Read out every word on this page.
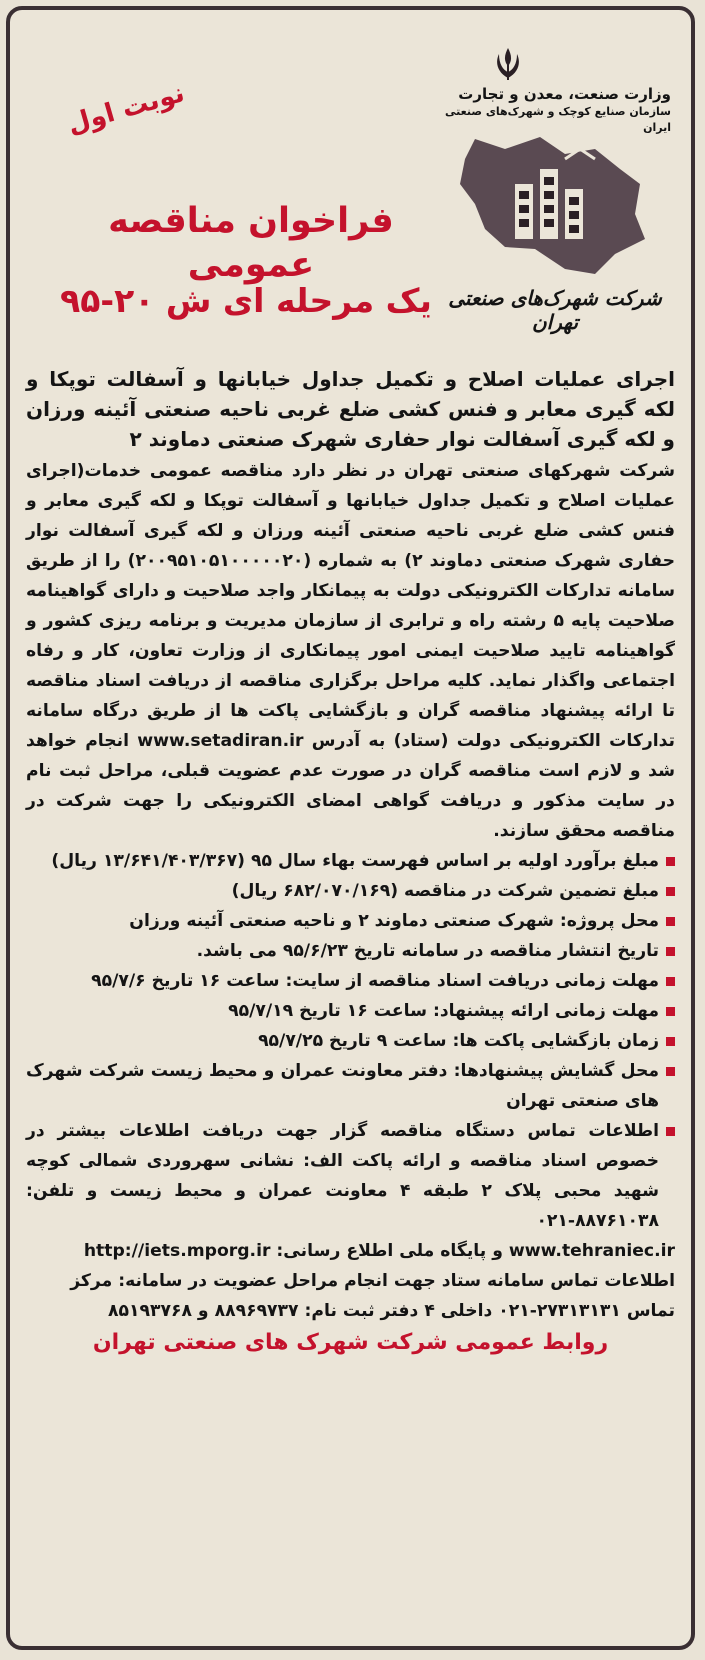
وزارت صنعت، معدن و تجارت
سازمان صنایع کوچک و شهرک‌های صنعتی ایران
شرکت شهرک‌های صنعتی تهران
نوبت اول
فراخوان مناقصه عمومی
یک مرحله ای ش ۲۰-۹۵
اجرای عملیات اصلاح و تکمیل جداول خیابانها و آسفالت توپکا و لکه گیری معابر و فنس کشی ضلع غربی ناحیه صنعتی آئینه ورزان و لکه گیری آسفالت نوار حفاری شهرک صنعتی دماوند ۲
شرکت شهرکهای صنعتی تهران در نظر دارد مناقصه عمومی خدمات(اجرای عملیات اصلاح و تکمیل جداول خیابانها و آسفالت توپکا و لکه گیری معابر و فنس کشی ضلع غربی ناحیه صنعتی آئینه ورزان و لکه گیری آسفالت نوار حفاری شهرک صنعتی دماوند ۲) به شماره (۲۰۰۹۵۱۰۵۱۰۰۰۰۰۲۰) را از طریق سامانه تدارکات الکترونیکی دولت به پیمانکار واجد صلاحیت و دارای گواهینامه صلاحیت پایه ۵ رشته راه و ترابری از سازمان مدیریت و برنامه ریزی کشور و گواهینامه تایید صلاحیت ایمنی امور پیمانکاری از وزارت تعاون، کار و رفاه اجتماعی واگذار نماید. کلیه مراحل برگزاری مناقصه از دریافت اسناد مناقصه تا ارائه پیشنهاد مناقصه گران و بازگشایی پاکت ها از طریق درگاه سامانه تدارکات الکترونیکی دولت (ستاد) به آدرس www.setadiran.ir انجام خواهد شد و لازم است مناقصه گران در صورت عدم عضویت قبلی، مراحل ثبت نام در سایت مذکور و دریافت گواهی امضای الکترونیکی را جهت شرکت در مناقصه محقق سازند.
مبلغ برآورد اولیه بر اساس فهرست بهاء سال ۹۵ (۱۳/۶۴۱/۴۰۳/۳۶۷ ریال)
مبلغ تضمین شرکت در مناقصه (۶۸۲/۰۷۰/۱۶۹ ریال)
محل پروژه: شهرک صنعتی دماوند ۲ و ناحیه صنعتی آئینه ورزان
تاریخ انتشار مناقصه در سامانه تاریخ ۹۵/۶/۲۳ می باشد.
مهلت زمانی دریافت اسناد مناقصه از سایت: ساعت ۱۶ تاریخ ۹۵/۷/۶
مهلت زمانی ارائه پیشنهاد: ساعت ۱۶ تاریخ ۹۵/۷/۱۹
زمان بازگشایی پاکت ها: ساعت ۹ تاریخ ۹۵/۷/۲۵
محل گشایش پیشنهادها: دفتر معاونت عمران و محیط زیست شرکت شهرک های صنعتی تهران
اطلاعات تماس دستگاه مناقصه گزار جهت دریافت اطلاعات بیشتر در خصوص اسناد مناقصه و ارائه پاکت الف: نشانی سهروردی شمالی کوچه شهید محبی پلاک ۲ طبقه ۴ معاونت عمران و محیط زیست و تلفن: ۸۸۷۶۱۰۳۸-۰۲۱
www.tehraniec.ir و پایگاه ملی اطلاع رسانی: http://iets.mporg.ir
اطلاعات تماس سامانه ستاد جهت انجام مراحل عضویت در سامانه: مرکز تماس ۲۷۳۱۳۱۳۱-۰۲۱ داخلی ۴ دفتر ثبت نام: ۸۸۹۶۹۷۳۷ و ۸۵۱۹۳۷۶۸
روابط عمومی شرکت شهرک های صنعتی تهران
